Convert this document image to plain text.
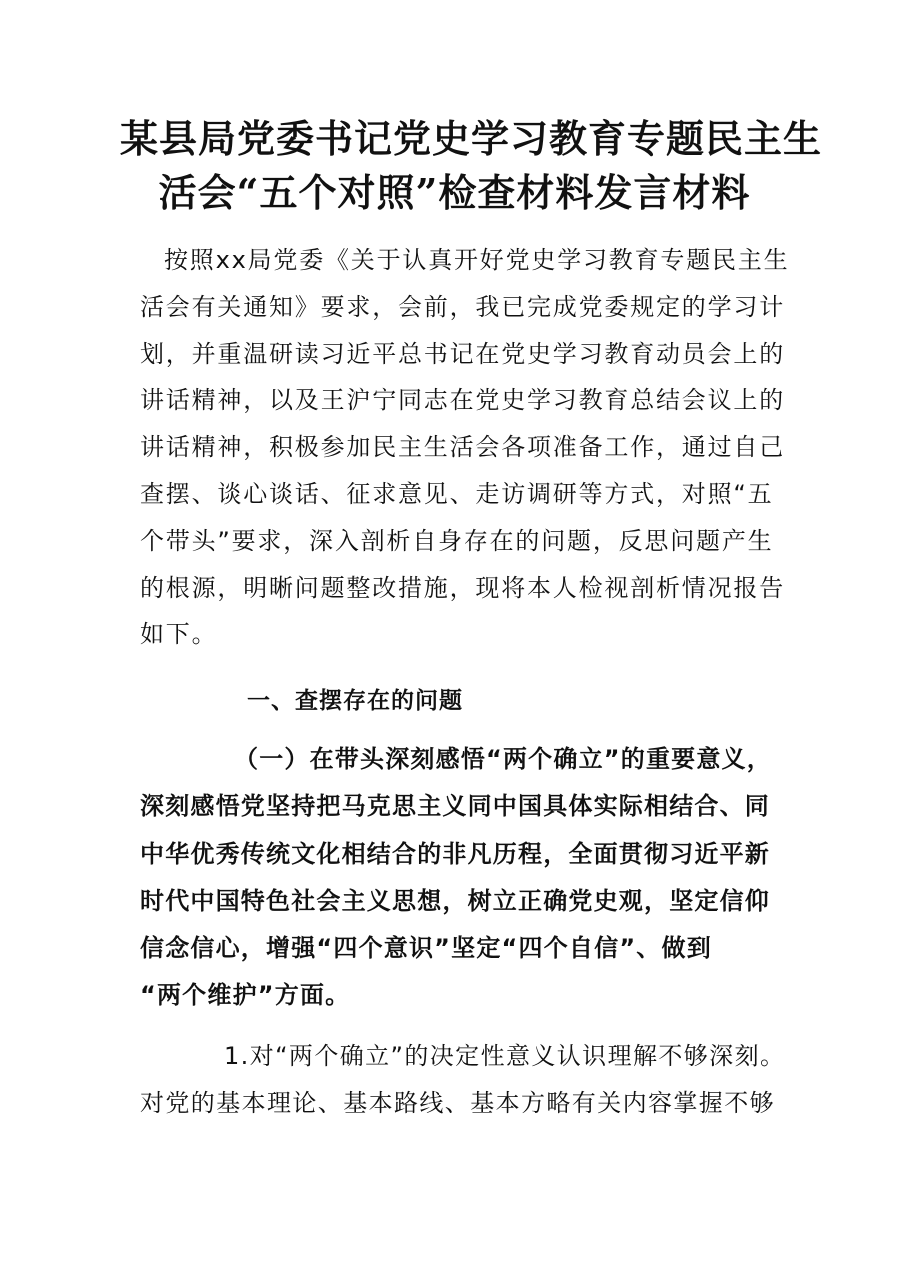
某县局党委书记党史学习教育专题民主生
活会“五个对照”检查材料发言材料
按照xx局党委《关于认真开好党史学习教育专题民主生
活会有关通知》要求，会前，我已完成党委规定的学习计
划，并重温研读习近平总书记在党史学习教育动员会上的
讲话精神，以及王沪宁同志在党史学习教育总结会议上的
讲话精神，积极参加民主生活会各项准备工作，通过自己
查摆、谈心谈话、征求意见、走访调研等方式，对照“五
个带头”要求，深入剖析自身存在的问题，反思问题产生
的根源，明晰问题整改措施，现将本人检视剖析情况报告
如下。
一、查摆存在的问题
（一）在带头深刻感悟“两个确立”的重要意义，
深刻感悟党坚持把马克思主义同中国具体实际相结合、同
中华优秀传统文化相结合的非凡历程，全面贯彻习近平新
时代中国特色社会主义思想，树立正确党史观，坚定信仰
信念信心，增强“四个意识”坚定“四个自信”、做到
“两个维护”方面。
1.对“两个确立”的决定性意义认识理解不够深刻。
对党的基本理论、基本路线、基本方略有关内容掌握不够
